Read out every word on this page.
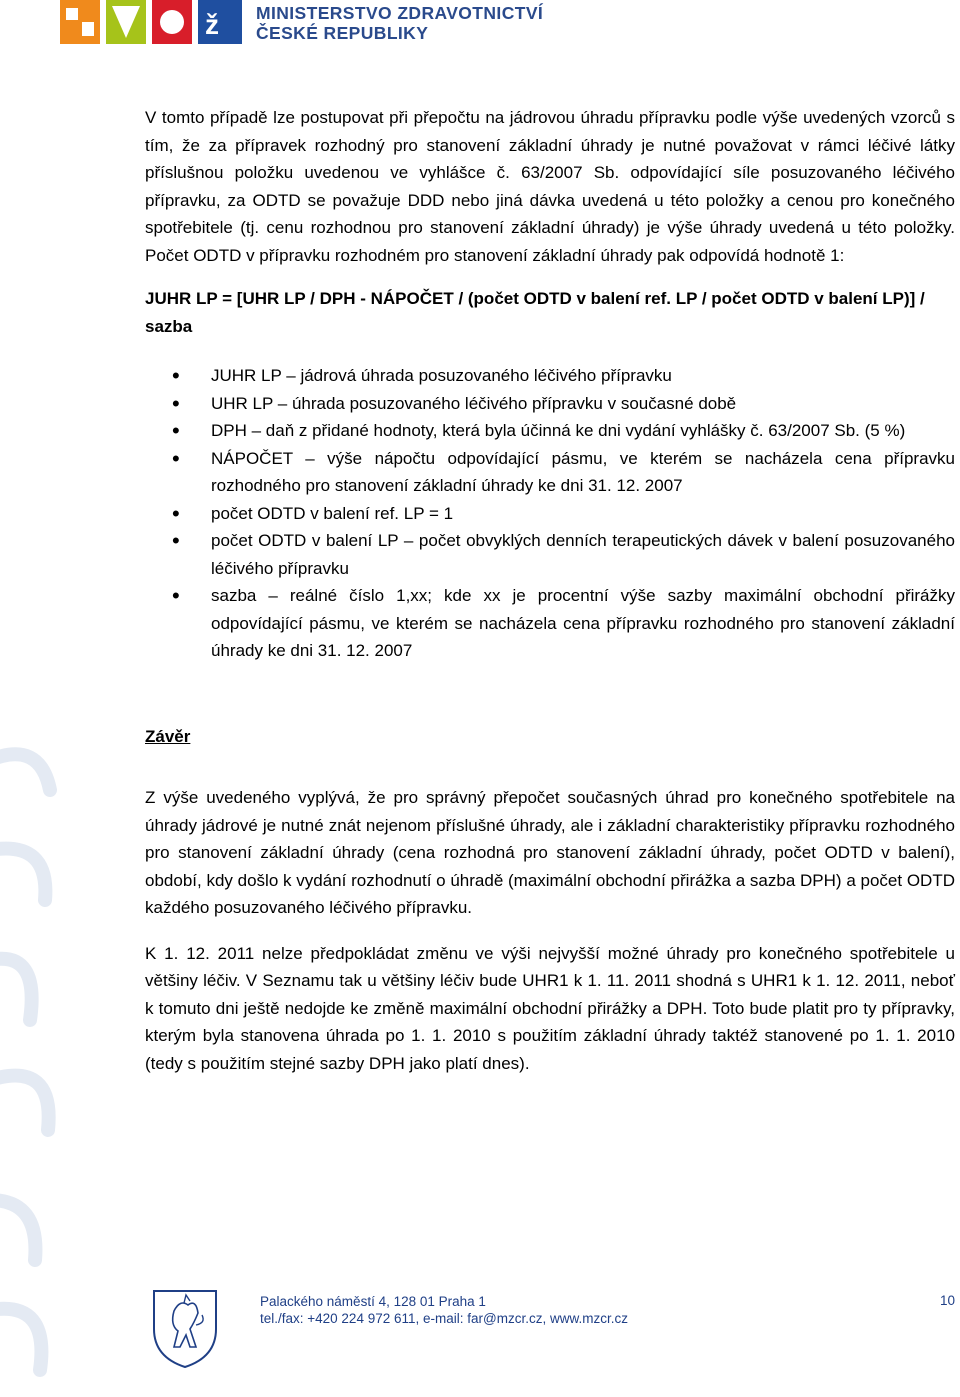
ž MINISTERSTVO ZDRAVOTNICTVÍ
ČESKÉ REPUBLIKY

V tomto případě lze postupovat při přepočtu na jádrovou úhradu přípravku podle výše uvedených vzorců s tím, že za přípravek rozhodný pro stanovení základní úhrady je nutné považovat v rámci léčivé látky příslušnou položku uvedenou ve vyhlášce č. 63/2007 Sb. odpovídající síle posuzovaného léčivého přípravku, za ODTD se považuje DDD nebo jiná dávka uvedená u této položky a cenou pro konečného spotřebitele (tj. cenu rozhodnou pro stanovení základní úhrady) je výše úhrady uvedená u této položky. Počet ODTD v přípravku rozhodném pro stanovení základní úhrady pak odpovídá hodnotě 1:

JUHR LP = [UHR LP / DPH - NÁPOČET / (počet ODTD v balení ref. LP / počet ODTD v balení LP)] / sazba

• JUHR LP – jádrová úhrada posuzovaného léčivého přípravku
• UHR LP – úhrada posuzovaného léčivého přípravku v současné době
• DPH – daň z přidané hodnoty, která byla účinná ke dni vydání vyhlášky č. 63/2007 Sb. (5 %)
• NÁPOČET – výše nápočtu odpovídající pásmu, ve kterém se nacházela cena přípravku rozhodného pro stanovení základní úhrady ke dni 31. 12. 2007
• počet ODTD v balení ref. LP = 1
• počet ODTD v balení LP – počet obvyklých denních terapeutických dávek v balení posuzovaného léčivého přípravku
• sazba – reálné číslo 1,xx; kde xx je procentní výše sazby maximální obchodní přirážky odpovídající pásmu, ve kterém se nacházela cena přípravku rozhodného pro stanovení základní úhrady ke dni 31. 12. 2007

Závěr

Z výše uvedeného vyplývá, že pro správný přepočet současných úhrad pro konečného spotřebitele na úhrady jádrové je nutné znát nejenom příslušné úhrady, ale i základní charakteristiky přípravku rozhodného pro stanovení základní úhrady (cena rozhodná pro stanovení základní úhrady, počet ODTD v balení), období, kdy došlo k vydání rozhodnutí o úhradě (maximální obchodní přirážka a sazba DPH) a počet ODTD každého posuzovaného léčivého přípravku.

K 1. 12. 2011 nelze předpokládat změnu ve výši nejvyšší možné úhrady pro konečného spotřebitele u většiny léčiv. V Seznamu tak u většiny léčiv bude UHR1 k 1. 11. 2011 shodná s UHR1 k 1. 12. 2011, neboť k tomuto dni ještě nedojde ke změně maximální obchodní přirážky a DPH. Toto bude platit pro ty přípravky, kterým byla stanovena úhrada po 1. 1. 2010 s použitím základní úhrady taktéž stanovené po 1. 1. 2010 (tedy s použitím stejné sazby DPH jako platí dnes).

Palackého náměstí 4, 128 01 Praha 1
tel./fax: +420 224 972 611, e-mail: far@mzcr.cz, www.mzcr.cz
10
